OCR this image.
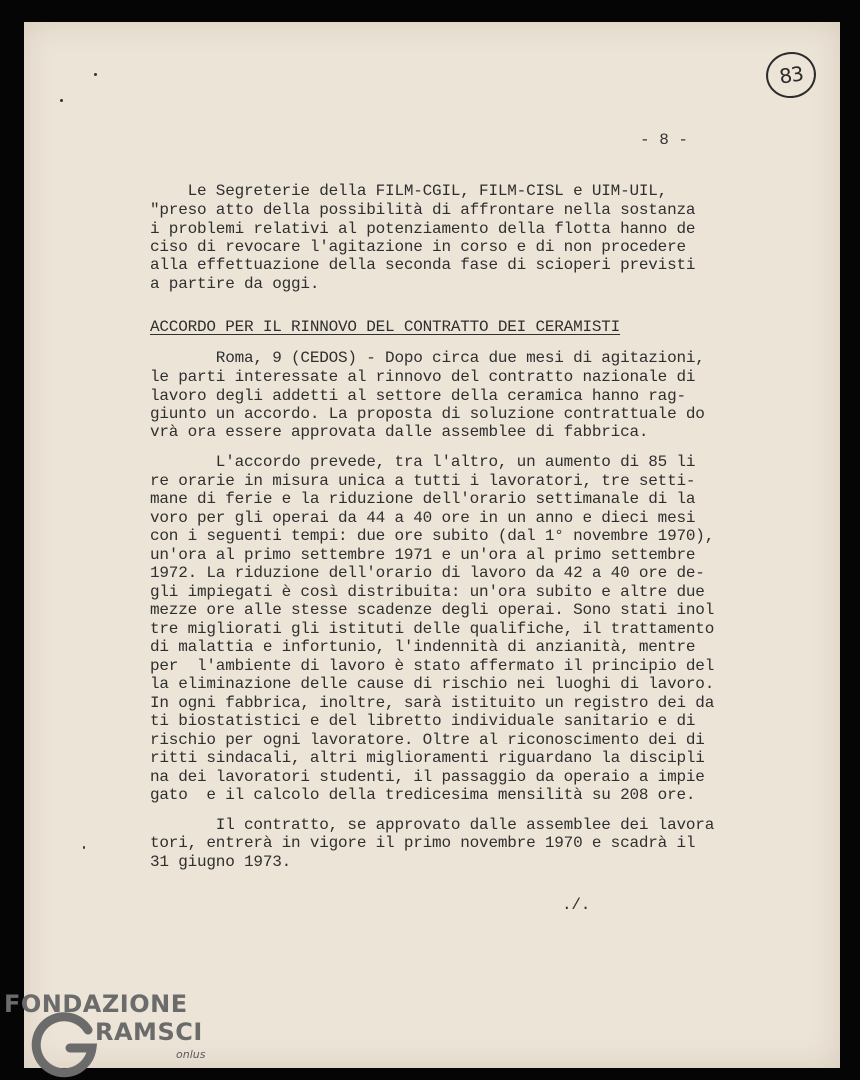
83
- 8 -
Le Segreterie della FILM-CGIL, FILM-CISL e UIM-UIL,
"preso atto della possibilità di affrontare nella sostanza
i problemi relativi al potenziamento della flotta hanno de
ciso di revocare l'agitazione in corso e di non procedere
alla effettuazione della seconda fase di scioperi previsti
a partire da oggi.
ACCORDO PER IL RINNOVO DEL CONTRATTO DEI CERAMISTI
Roma, 9 (CEDOS) - Dopo circa due mesi di agitazioni,
le parti interessate al rinnovo del contratto nazionale di
lavoro degli addetti al settore della ceramica hanno rag-
giunto un accordo. La proposta di soluzione contrattuale do
vrà ora essere approvata dalle assemblee di fabbrica.
L'accordo prevede, tra l'altro, un aumento di 85 li
re orarie in misura unica a tutti i lavoratori, tre setti-
mane di ferie e la riduzione dell'orario settimanale di la
voro per gli operai da 44 a 40 ore in un anno e dieci mesi
con i seguenti tempi: due ore subito (dal 1° novembre 1970),
un'ora al primo settembre 1971 e un'ora al primo settembre
1972. La riduzione dell'orario di lavoro da 42 a 40 ore de-
gli impiegati è così distribuita: un'ora subito e altre due
mezze ore alle stesse scadenze degli operai. Sono stati inol
tre migliorati gli istituti delle qualifiche, il trattamento
di malattia e infortunio, l'indennità di anzianità, mentre
per  l'ambiente di lavoro è stato affermato il principio del
la eliminazione delle cause di rischio nei luoghi di lavoro.
In ogni fabbrica, inoltre, sarà istituito un registro dei da
ti biostatistici e del libretto individuale sanitario e di
rischio per ogni lavoratore. Oltre al riconoscimento dei di
ritti sindacali, altri miglioramenti riguardano la discipli
na dei lavoratori studenti, il passaggio da operaio a impie
gato  e il calcolo della tredicesima mensilità su 208 ore.
Il contratto, se approvato dalle assemblee dei lavora
tori, entrerà in vigore il primo novembre 1970 e scadrà il
31 giugno 1973.
./.
FONDAZIONE
RAMSCI
onlus
